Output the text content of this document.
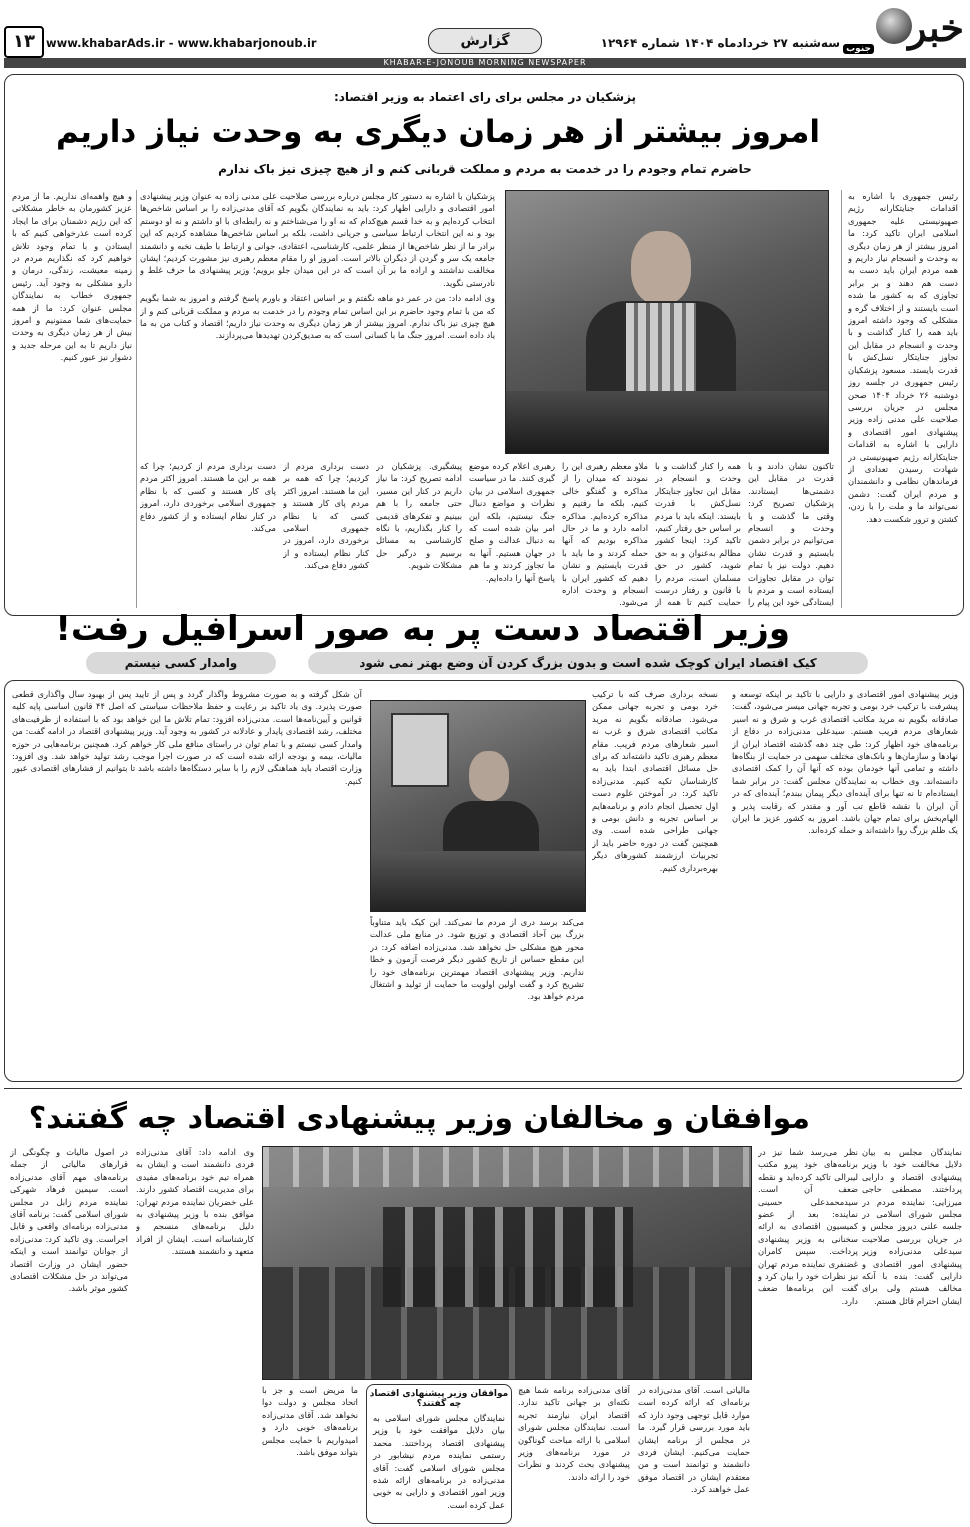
خبر
جنوب
سه‌شنبه ۲۷ خردادماه ۱۴۰۴ شماره ۱۲۹۶۴
گزارش
www.khabarAds.ir - www.khabarjonoub.ir
۱۳
KHABAR-E-JONOUB MORNING NEWSPAPER
پزشکیان در مجلس برای رای اعتماد به وزیر اقتصاد:
امروز بیشتر از هر زمان دیگری به وحدت نیاز داریم
حاضرم تمام وجودم را در خدمت به مردم و مملکت قربانی کنم و از هیچ چیزی نیز باک ندارم
رئیس جمهوری با اشاره به اقدامات جنایتکارانه رژیم صهیونیستی علیه جمهوری اسلامی ایران تاکید کرد: ما امروز بیشتر از هر زمان دیگری به وحدت و انسجام نیاز داریم و همه مردم ایران باید دست به دست هم دهند و بر برابر تجاوزی که به کشور ما شده است بایستند و از اختلاف گره و مشکلی که وجود داشته امروز باید همه را کنار گذاشت و با وحدت و انسجام در مقابل این تجاوز جنایتکار نسل‌کش با قدرت بایستد. مسعود پزشکیان رئیس جمهوری در جلسه روز دوشنبه ۲۶ خرداد ۱۴۰۴ صحن مجلس در جریان بررسی صلاحیت علی مدنی زاده وزیر پیشنهادی امور اقتصادی و دارایی با اشاره به اقدامات جنایتکارانه رژیم صهیونیستی در شهادت رسیدن تعدادی از فرماندهان نظامی و دانشمندان و مردم ایران گفت: دشمن نمی‌تواند ما و ملت را با زدن، کشتن و ترور شکست دهد.

پزشکیان با اشاره به دستور کار مجلس درباره بررسی صلاحیت علی مدنی زاده به عنوان وزیر پیشنهادی امور اقتصادی و دارایی اظهار کرد: باید به نمایندگان بگویم که آقای مدنی‌زاده را بر اساس شاخص‌ها انتخاب کرده‌ایم و به خدا قسم هیچ‌کدام که نه او را می‌شناختم و نه رابطه‌ای با او داشتم و نه او دوستم بود و نه این انتخاب ارتباط سیاسی و جریانی داشت، بلکه بر اساس شاخص‌ها مشاهده کردیم که این برادر ما از نظر شاخص‌ها از منظر علمی، کارشناسی، اعتقادی، جوانی و ارتباط با طیف نخبه و دانشمند جامعه یک سر و گردن از دیگران بالاتر است. امروز او را مقام معظم رهبری نیز مشورت کردیم؛ ایشان مخالفت نداشتند و اراده ما بر آن است که در این میدان جلو برویم؛ وزیر پیشنهادی ما حرف غلط و نادرستی نگوید.

وی ادامه داد: من در عمر دو ماهه نگفتم و بر اساس اعتقاد و باورم پاسخ گرفتم و امروز به شما بگویم که من با تمام وجود حاضرم بر این اساس تمام وجودم را در خدمت به مردم و مملکت قربانی کنم و از هیچ چیزی نیز باک ندارم. امروز بیشتر از هر زمان دیگری به وحدت نیاز داریم؛ اقتصاد و کتاب من به ما یاد داده است. امروز جنگ ما با کسانی است که به صدیق‌کردن تهدیدها می‌پردازند.

و هیچ واهمه‌ای نداریم. ما از مردم عزیز کشورمان به خاطر مشکلاتی که این رژیم دشمنان برای ما ایجاد کرده است عذرخواهی کنیم که با ایستادن و با تمام وجود تلاش خواهیم کرد که نگذاریم مردم در زمینه معیشت، زندگی، درمان و دارو مشکلی به وجود آید. رئیس جمهوری خطاب به نمایندگان مجلس عنوان کرد: ما از همه حمایت‌های شما ممنونیم و امروز بیش از هر زمان دیگری به وحدت نیاز داریم تا به این مرحله جدید و دشوار نیز عبور کنیم.
تاکنون نشان دادند و با قدرت در مقابل این دشمنی‌ها ایستادند. پزشکیان تصریح کرد: وقتی ما گذشت و با وحدت و انسجام می‌توانیم در برابر دشمن بایستیم و قدرت نشان دهیم. دولت نیز با تمام توان در مقابل تجاوزات ایستاده است و مردم با ایستادگی خود این پیام را
همه را کنار گذاشت و با وحدت و انسجام در مقابل این تجاوز جنایتکار نسل‌کش با قدرت بایستد. اینکه باید با مردم بر اساس حق رفتار کنیم، تاکید کرد: اینجا کشور مظالم به‌عنوان و به حق شوید، کشور در حق مسلمان است، مردم را با قانون و رفتار درست حمایت کنیم تا همه از
ملاو معظم رهبری این را نمودند که میدان را از مذاکره و گفتگو خالی کنیم، بلکه ما رفتیم و مذاکره کرده‌ایم. مذاکره ادامه دارد و ما در حال مذاکره بودیم که آنها حمله کردند و ما باید با قدرت بایستیم و نشان دهیم که کشور ایران با انسجام و وحدت اداره می‌شود.
رهبری اعلام کرده موضع گیری کنند. ما در سیاست جمهوری اسلامی در بیان نظرات و مواضع دنبال جنگ نیستیم، بلکه این امر بیان شده است که به دنبال عدالت و صلح در جهان هستیم. آنها به ما تجاوز کردند و ما هم پاسخ آنها را داده‌ایم.
پیشگیری. پزشکیان در ادامه تصریح کرد: ما نیاز داریم در کنار این مسیر، حتی جامعه را با هم ببینیم و تفکرهای قدیمی را کنار بگذاریم، با نگاه کارشناسی به مسائل برسیم و درگیر حل مشکلات شویم.
دست برداری مردم از کردیم؛ چرا که همه بر این ما هستند. امروز اکثر مردم پای کار هستند و کسی که با نظام جمهوری اسلامی برخوردی دارد، امروز در کنار نظام ایستاده و از کشور دفاع می‌کند.
دست برداری مردم از کردیم؛ چرا که همه بر این ما هستند. امروز اکثر مردم پای کار هستند و کسی که با نظام جمهوری اسلامی برخوردی دارد، امروز در کنار نظام ایستاده و از کشور دفاع می‌کند.
وزیر اقتصاد دست پر به صور اسرافیل رفت!
کیک اقتصاد ایران کوچک شده است و بدون بزرگ کردن آن وضع بهتر نمی شود
وامدار کسی نیستم
وزیر پیشنهادی امور اقتصادی و دارایی با تاکید بر اینکه توسعه و پیشرفت با ترکیب خرد بومی و تجربه جهانی میسر می‌شود، گفت: صادقانه بگویم نه مرید مکاتب اقتصادی غرب و شرق و نه اسیر شعارهای مردم فریب هستم. سیدعلی مدنی‌زاده در دفاع از برنامه‌های خود اظهار کرد: طی چند دهه گذشته اقتصاد ایران از نهادها و سازمان‌ها و بانک‌های مختلف سهمی در حمایت از بنگاه‌ها داشته و تمامی آنها خودمان بوده که آنها آن را کمک اقتصادی دانسته‌اند. وی خطاب به نمایندگان مجلس گفت: در برابر شما ایستاده‌ام تا نه تنها برای آینده‌ای دیگر پیمان ببندم؛ آینده‌ای که در آن ایران با نقشه قاطع تب آور و مقتدر که رقابت پذیر و الهام‌بخش برای تمام جهان باشد. امروز به کشور عزیز ما ایران یک ظلم بزرگ روا داشته‌اند و حمله کرده‌اند.
نسخه برداری صرف کنه با ترکیب خرد بومی و تجربه جهانی ممکن می‌شود. صادقانه بگویم نه مرید مکاتب اقتصادی شرق و غرب نه اسیر شعارهای مردم فریب. مقام معظم رهبری تاکید داشته‌اند که برای حل مسائل اقتصادی ابتدا باید به کارشناسان تکیه کنیم. مدنی‌زاده تاکید کرد: در آموختن علوم دست اول تحصیل انجام دادم و برنامه‌هایم بر اساس تجربه و دانش بومی و جهانی طراحی شده است. وی همچنین گفت در دوره حاضر باید از تجربیات ارزشمند کشورهای دیگر بهره‌برداری کنیم.
می‌کند برسد دری از مردم ما نمی‌کند. این کیک باید متناوباً بزرگ بین آحاد اقتصادی و توزیع شود. در منابع ملی عدالت محور هیچ مشکلی حل نخواهد شد. مدنی‌زاده اضافه کرد: در این مقطع حساس از تاریخ کشور دیگر فرصت آزمون و خطا نداریم. وزیر پیشنهادی اقتصاد مهمترین برنامه‌های خود را تشریح کرد و گفت اولین اولویت ما حمایت از تولید و اشتغال مردم خواهد بود.
آن شکل گرفته و به صورت مشروط واگذار گردد و پس از تایید پس از بهبود سال واگذاری قطعی صورت پذیرد. وی یاد تاکید بر رعایت و حفظ ملاحظات سیاستی که اصل ۴۴ قانون اساسی پایه کلیه قوانین و آیین‌نامه‌ها است. مدنی‌زاده افزود: تمام تلاش ما این خواهد بود که با استفاده از ظرفیت‌های مختلف، رشد اقتصادی پایدار و عادلانه در کشور به وجود آید. وزیر پیشنهادی اقتصاد در ادامه گفت: من وامدار کسی نیستم و با تمام توان در راستای منافع ملی کار خواهم کرد. همچنین برنامه‌هایی در حوزه مالیات، بیمه و بودجه ارائه شده است که در صورت اجرا موجب رشد تولید خواهد شد. وی افزود: وزارت اقتصاد باید هماهنگی لازم را با سایر دستگاه‌ها داشته باشد تا بتوانیم از فشارهای اقتصادی عبور کنیم.
موافقان و مخالفان وزیر پیشنهادی اقتصاد چه گفتند؟
نمایندگان مجلس به بیان دلایل مخالفت خود با وزیر پیشنهادی اقتصاد و دارایی پرداختند. مصطفی حاجی میرزایی: نماینده مردم در مجلس شورای اسلامی در جلسه علنی دیروز مجلس و در جریان بررسی صلاحیت سیدعلی مدنی‌زاده وزیر پیشنهادی امور اقتصادی و دارایی گفت: بنده با آنکه مخالف هستم ولی برای ایشان احترام قائل هستم.
نظر می‌رسد شما نیز در برنامه‌های خود پیرو مکتب لیبرالی تاکید کرده‌اید و نقطه ضعف آن است. سیدمحمدعلی حسینی نماینده: بعد از عضو کمیسیون اقتصادی به ارائه سخنانی به وزیر پیشنهادی پرداخت. سپس کامران غضنفری نماینده مردم تهران نیز نظرات خود را بیان کرد و گفت این برنامه‌ها ضعف دارد.
مالیاتی است. آقای مدنی‌زاده در برنامه‌ای که ارائه کرده است موارد قابل توجهی وجود دارد که باید مورد بررسی قرار گیرد. ما در مجلس از برنامه ایشان حمایت می‌کنیم. ایشان فردی دانشمند و توانمند است و من معتقدم ایشان در اقتصاد موفق عمل خواهند کرد.
آقای مدنی‌زاده برنامه شما هیچ نکته‌ای بر جهانی تاکید ندارد. اقتصاد ایران نیازمند تجربه است. نمایندگان مجلس شورای اسلامی با ارائه مباحث گوناگون در مورد برنامه‌های وزیر پیشنهادی بحث کردند و نظرات خود را ارائه دادند.
موافقان وزیر پیشنهادی اقتصاد
چه گفتند؟
نمایندگان مجلس شورای اسلامی به بیان دلایل موافقت خود با وزیر پیشنهادی اقتصاد پرداختند. محمد رستمی نماینده مردم نیشابور در مجلس شورای اسلامی گفت: آقای مدنی‌زاده در برنامه‌های ارائه شده وزیر امور اقتصادی و دارایی به خوبی عمل کرده است.
ما مریض است و جز با اتحاد مجلس و دولت دوا نخواهد شد. آقای مدنی‌زاده برنامه‌های خوبی دارد و امیدواریم با حمایت مجلس بتواند موفق باشد.
وی ادامه داد: آقای مدنی‌زاده فردی دانشمند است و ایشان به همراه تیم خود برنامه‌های مفیدی برای مدیریت اقتصاد کشور دارند. علی خضریان نماینده مردم تهران: موافق بنده با وزیر پیشنهادی به دلیل برنامه‌های منسجم و کارشناسانه است. ایشان از افراد متعهد و دانشمند هستند.
در اصول مالیات و چگونگی از قرارهای مالیاتی از جمله برنامه‌های مهم آقای مدنی‌زاده است. سیمین فرهاد شهرکی نماینده مردم زابل در مجلس شورای اسلامی گفت: برنامه آقای مدنی‌زاده برنامه‌ای واقعی و قابل اجراست. وی تاکید کرد: مدنی‌زاده از جوانان توانمند است و اینکه حضور ایشان در وزارت اقتصاد می‌تواند در حل مشکلات اقتصادی کشور موثر باشد.
